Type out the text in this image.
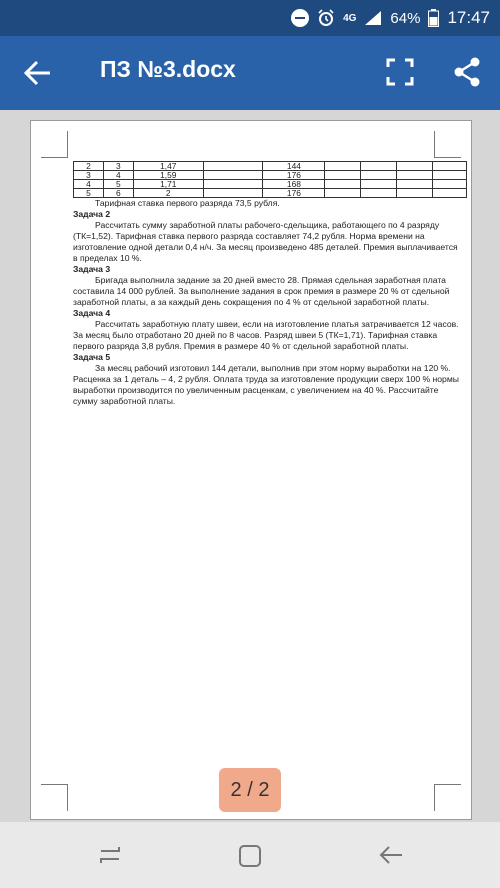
4G 64% 17:47
ПЗ №3.docx
2	3	1,47		144				
3	4	1,59		176				
4	5	1,71		168				
5	6	2		176				

Тарифная ставка первого разряда 73,5 рубля.

Задача 2

Рассчитать сумму заработной платы рабочего-сдельщика, работающего по 4 разряду (ТК=1,52). Тарифная ставка первого разряда составляет 74,2 рубля. Норма времени на изготовление одной детали 0,4 н/ч. За месяц произведено 485 деталей. Премия выплачивается в пределах 10 %.

Задача 3

Бригада выполнила задание за 20 дней вместо 28. Прямая сдельная заработная плата составила 14 000 рублей. За выполнение задания в срок премия в размере 20 % от сдельной заработной платы, а за каждый день сокращения по 4 % от сдельной заработной платы.

Задача 4

Рассчитать заработную плату швеи, если на изготовление платья затрачивается 12 часов. За месяц было отработано 20 дней по 8 часов. Разряд швеи 5 (ТК=1,71). Тарифная ставка первого разряда 3,8 рубля. Премия в размере 40 % от сдельной заработной платы.

Задача 5

За месяц рабочий изготовил 144 детали, выполнив при этом норму выработки на 120 %. Расценка за 1 деталь – 4, 2 рубля. Оплата труда за изготовление продукции сверх 100 % нормы выработки производится по увеличенным расценкам, с увеличением на 40 %. Рассчитайте сумму заработной платы.

2 / 2
